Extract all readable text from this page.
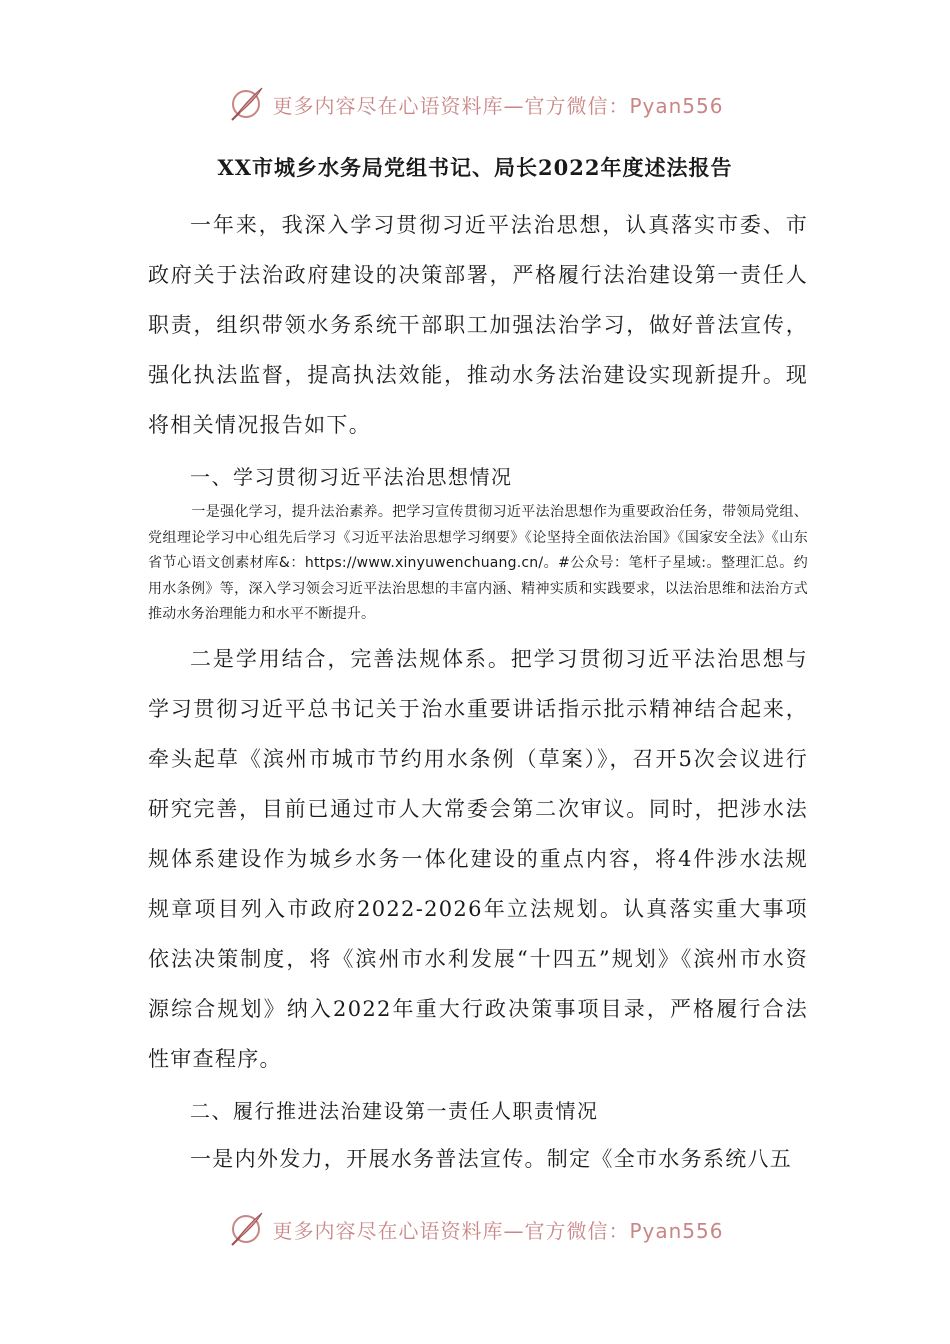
更多内容尽在心语资料库—官方微信：Pyan556
XX市城乡水务局党组书记、局长2022年度述法报告

一年来，我深入学习贯彻习近平法治思想，认真落实市委、市政府关于法治政府建设的决策部署，严格履行法治建设第一责任人职责，组织带领水务系统干部职工加强法治学习，做好普法宣传，强化执法监督，提高执法效能，推动水务法治建设实现新提升。现将相关情况报告如下。

一、学习贯彻习近平法治思想情况

一是强化学习，提升法治素养。把学习宣传贯彻习近平法治思想作为重要政治任务，带领局党组、党组理论学习中心组先后学习《习近平法治思想学习纲要》《论坚持全面依法治国》《国家安全法》《山东省节心语文创素材库&：https://www.xinyuwenchuang.cn/。#公众号：笔杆子星域:。整理汇总。约用水条例》等，深入学习领会习近平法治思想的丰富内涵、精神实质和实践要求，以法治思维和法治方式推动水务治理能力和水平不断提升。

二是学用结合，完善法规体系。把学习贯彻习近平法治思想与学习贯彻习近平总书记关于治水重要讲话指示批示精神结合起来，牵头起草《滨州市城市节约用水条例（草案）》，召开5次会议进行研究完善，目前已通过市人大常委会第二次审议。同时，把涉水法规体系建设作为城乡水务一体化建设的重点内容，将4件涉水法规规章项目列入市政府2022-2026年立法规划。认真落实重大事项依法决策制度，将《滨州市水利发展“十四五”规划》《滨州市水资源综合规划》纳入2022年重大行政决策事项目录，严格履行合法性审查程序。

二、履行推进法治建设第一责任人职责情况

一是内外发力，开展水务普法宣传。制定《全市水务系统八五

更多内容尽在心语资料库—官方微信：Pyan556
